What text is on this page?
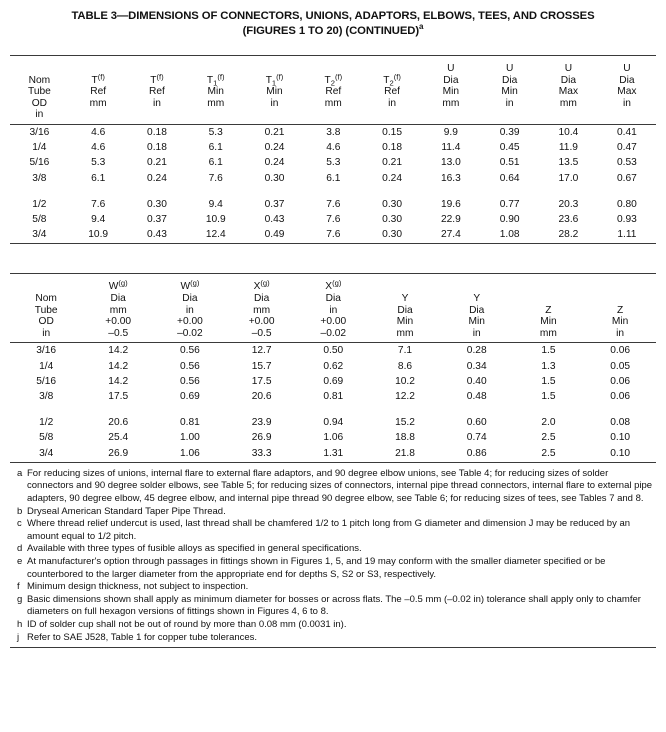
TABLE 3—DIMENSIONS OF CONNECTORS, UNIONS, ADAPTORS, ELBOWS, TEES, AND CROSSES
(FIGURES 1 TO 20) (CONTINUED)$^a$

Nom
Tube
OD
in

$T^{(f)}$
Ref
mm

$T^{(f)}$
Ref
in

$T_1^{(f)}$
Min
mm

$T_1^{(f)}$
Min
in

$T_2^{(f)}$
Ref
mm

$T_2^{(f)}$
Ref
in

U
Dia
Min
mm

U
Dia
Min
in

U
Dia
Max
mm

U
Dia
Max
in

3/16	4.6	0.18	5.3	0.21	3.8	0.15	9.9	0.39	10.4	0.41
1/4	4.6	0.18	6.1	0.24	4.6	0.18	11.4	0.45	11.9	0.47
5/16	5.3	0.21	6.1	0.24	5.3	0.21	13.0	0.51	13.5	0.53
3/8	6.1	0.24	7.6	0.30	6.1	0.24	16.3	0.64	17.0	0.67

1/2	7.6	0.30	9.4	0.37	7.6	0.30	19.6	0.77	20.3	0.80
5/8	9.4	0.37	10.9	0.43	7.6	0.30	22.9	0.90	23.6	0.93
3/4	10.9	0.43	12.4	0.49	7.6	0.30	27.4	1.08	28.2	1.11

Nom
Tube
OD
in

$W^{(g)}$
Dia
mm
+0.00
–0.5

$W^{(g)}$
Dia
in
+0.00
–0.02

$X^{(g)}$
Dia
mm
+0.00
–0.5

$X^{(g)}$
Dia
in
+0.00
–0.02

Y
Dia
Min
mm

Y
Dia
Min
in

Z
Min
mm

Z
Min
in

3/16	14.2	0.56	12.7	0.50	7.1	0.28	1.5	0.06
1/4	14.2	0.56	15.7	0.62	8.6	0.34	1.3	0.05
5/16	14.2	0.56	17.5	0.69	10.2	0.40	1.5	0.06
3/8	17.5	0.69	20.6	0.81	12.2	0.48	1.5	0.06

1/2	20.6	0.81	23.9	0.94	15.2	0.60	2.0	0.08
5/8	25.4	1.00	26.9	1.06	18.8	0.74	2.5	0.10
3/4	26.9	1.06	33.3	1.31	21.8	0.86	2.5	0.10

a For reducing sizes of unions, internal flare to external flare adaptors, and 90 degree elbow unions, see Table 4; for reducing sizes of solder connectors and 90 degree solder elbows, see Table 5; for reducing sizes of connectors, internal pipe thread connectors, internal flare to external pipe adapters, 90 degree elbow, 45 degree elbow, and internal pipe thread 90 degree elbow, see Table 6; for reducing sizes of tees, see Tables 7 and 8.
b Dryseal American Standard Taper Pipe Thread.
c Where thread relief undercut is used, last thread shall be chamfered 1/2 to 1 pitch long from G diameter and dimension J may be reduced by an amount equal to 1/2 pitch.
d Available with three types of fusible alloys as specified in general specifications.
e At manufacturer's option through passages in fittings shown in Figures 1, 5, and 19 may conform with the smaller diameter specified or be counterbored to the larger diameter from the appropriate end for depths S, S2 or S3, respectively.
f Minimum design thickness, not subject to inspection.
g Basic dimensions shown shall apply as minimum diameter for bosses or across flats. The –0.5 mm (–0.02 in) tolerance shall apply only to chamfer diameters on full hexagon versions of fittings shown in Figures 4, 6 to 8.
h ID of solder cup shall not be out of round by more than 0.08 mm (0.0031 in).
j Refer to SAE J528, Table 1 for copper tube tolerances.
